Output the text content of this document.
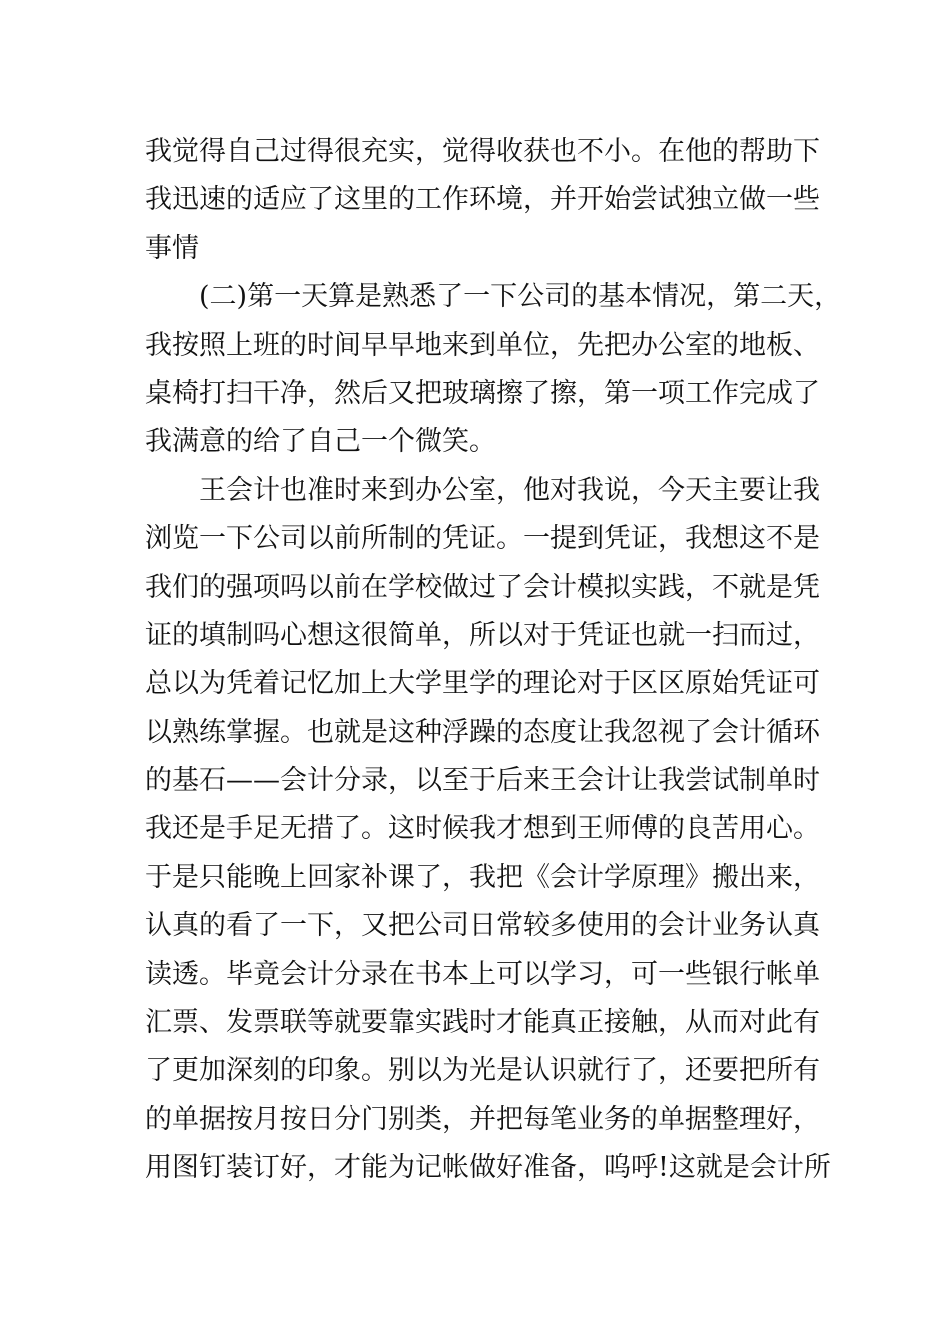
我觉得自己过得很充实，觉得收获也不小。在他的帮助下
我迅速的适应了这里的工作环境，并开始尝试独立做一些
事情
(二)第一天算是熟悉了一下公司的基本情况，第二天，
我按照上班的时间早早地来到单位，先把办公室的地板、
桌椅打扫干净，然后又把玻璃擦了擦，第一项工作完成了
我满意的给了自己一个微笑。
王会计也准时来到办公室，他对我说，今天主要让我
浏览一下公司以前所制的凭证。一提到凭证，我想这不是
我们的强项吗以前在学校做过了会计模拟实践，不就是凭
证的填制吗心想这很简单，所以对于凭证也就一扫而过，
总以为凭着记忆加上大学里学的理论对于区区原始凭证可
以熟练掌握。也就是这种浮躁的态度让我忽视了会计循环
的基石——会计分录，以至于后来王会计让我尝试制单时
我还是手足无措了。这时候我才想到王师傅的良苦用心。
于是只能晚上回家补课了，我把《会计学原理》搬出来，
认真的看了一下，又把公司日常较多使用的会计业务认真
读透。毕竟会计分录在书本上可以学习，可一些银行帐单
汇票、发票联等就要靠实践时才能真正接触，从而对此有
了更加深刻的印象。别以为光是认识就行了，还要把所有
的单据按月按日分门别类，并把每笔业务的单据整理好，
用图钉装订好，才能为记帐做好准备，呜呼!这就是会计所
